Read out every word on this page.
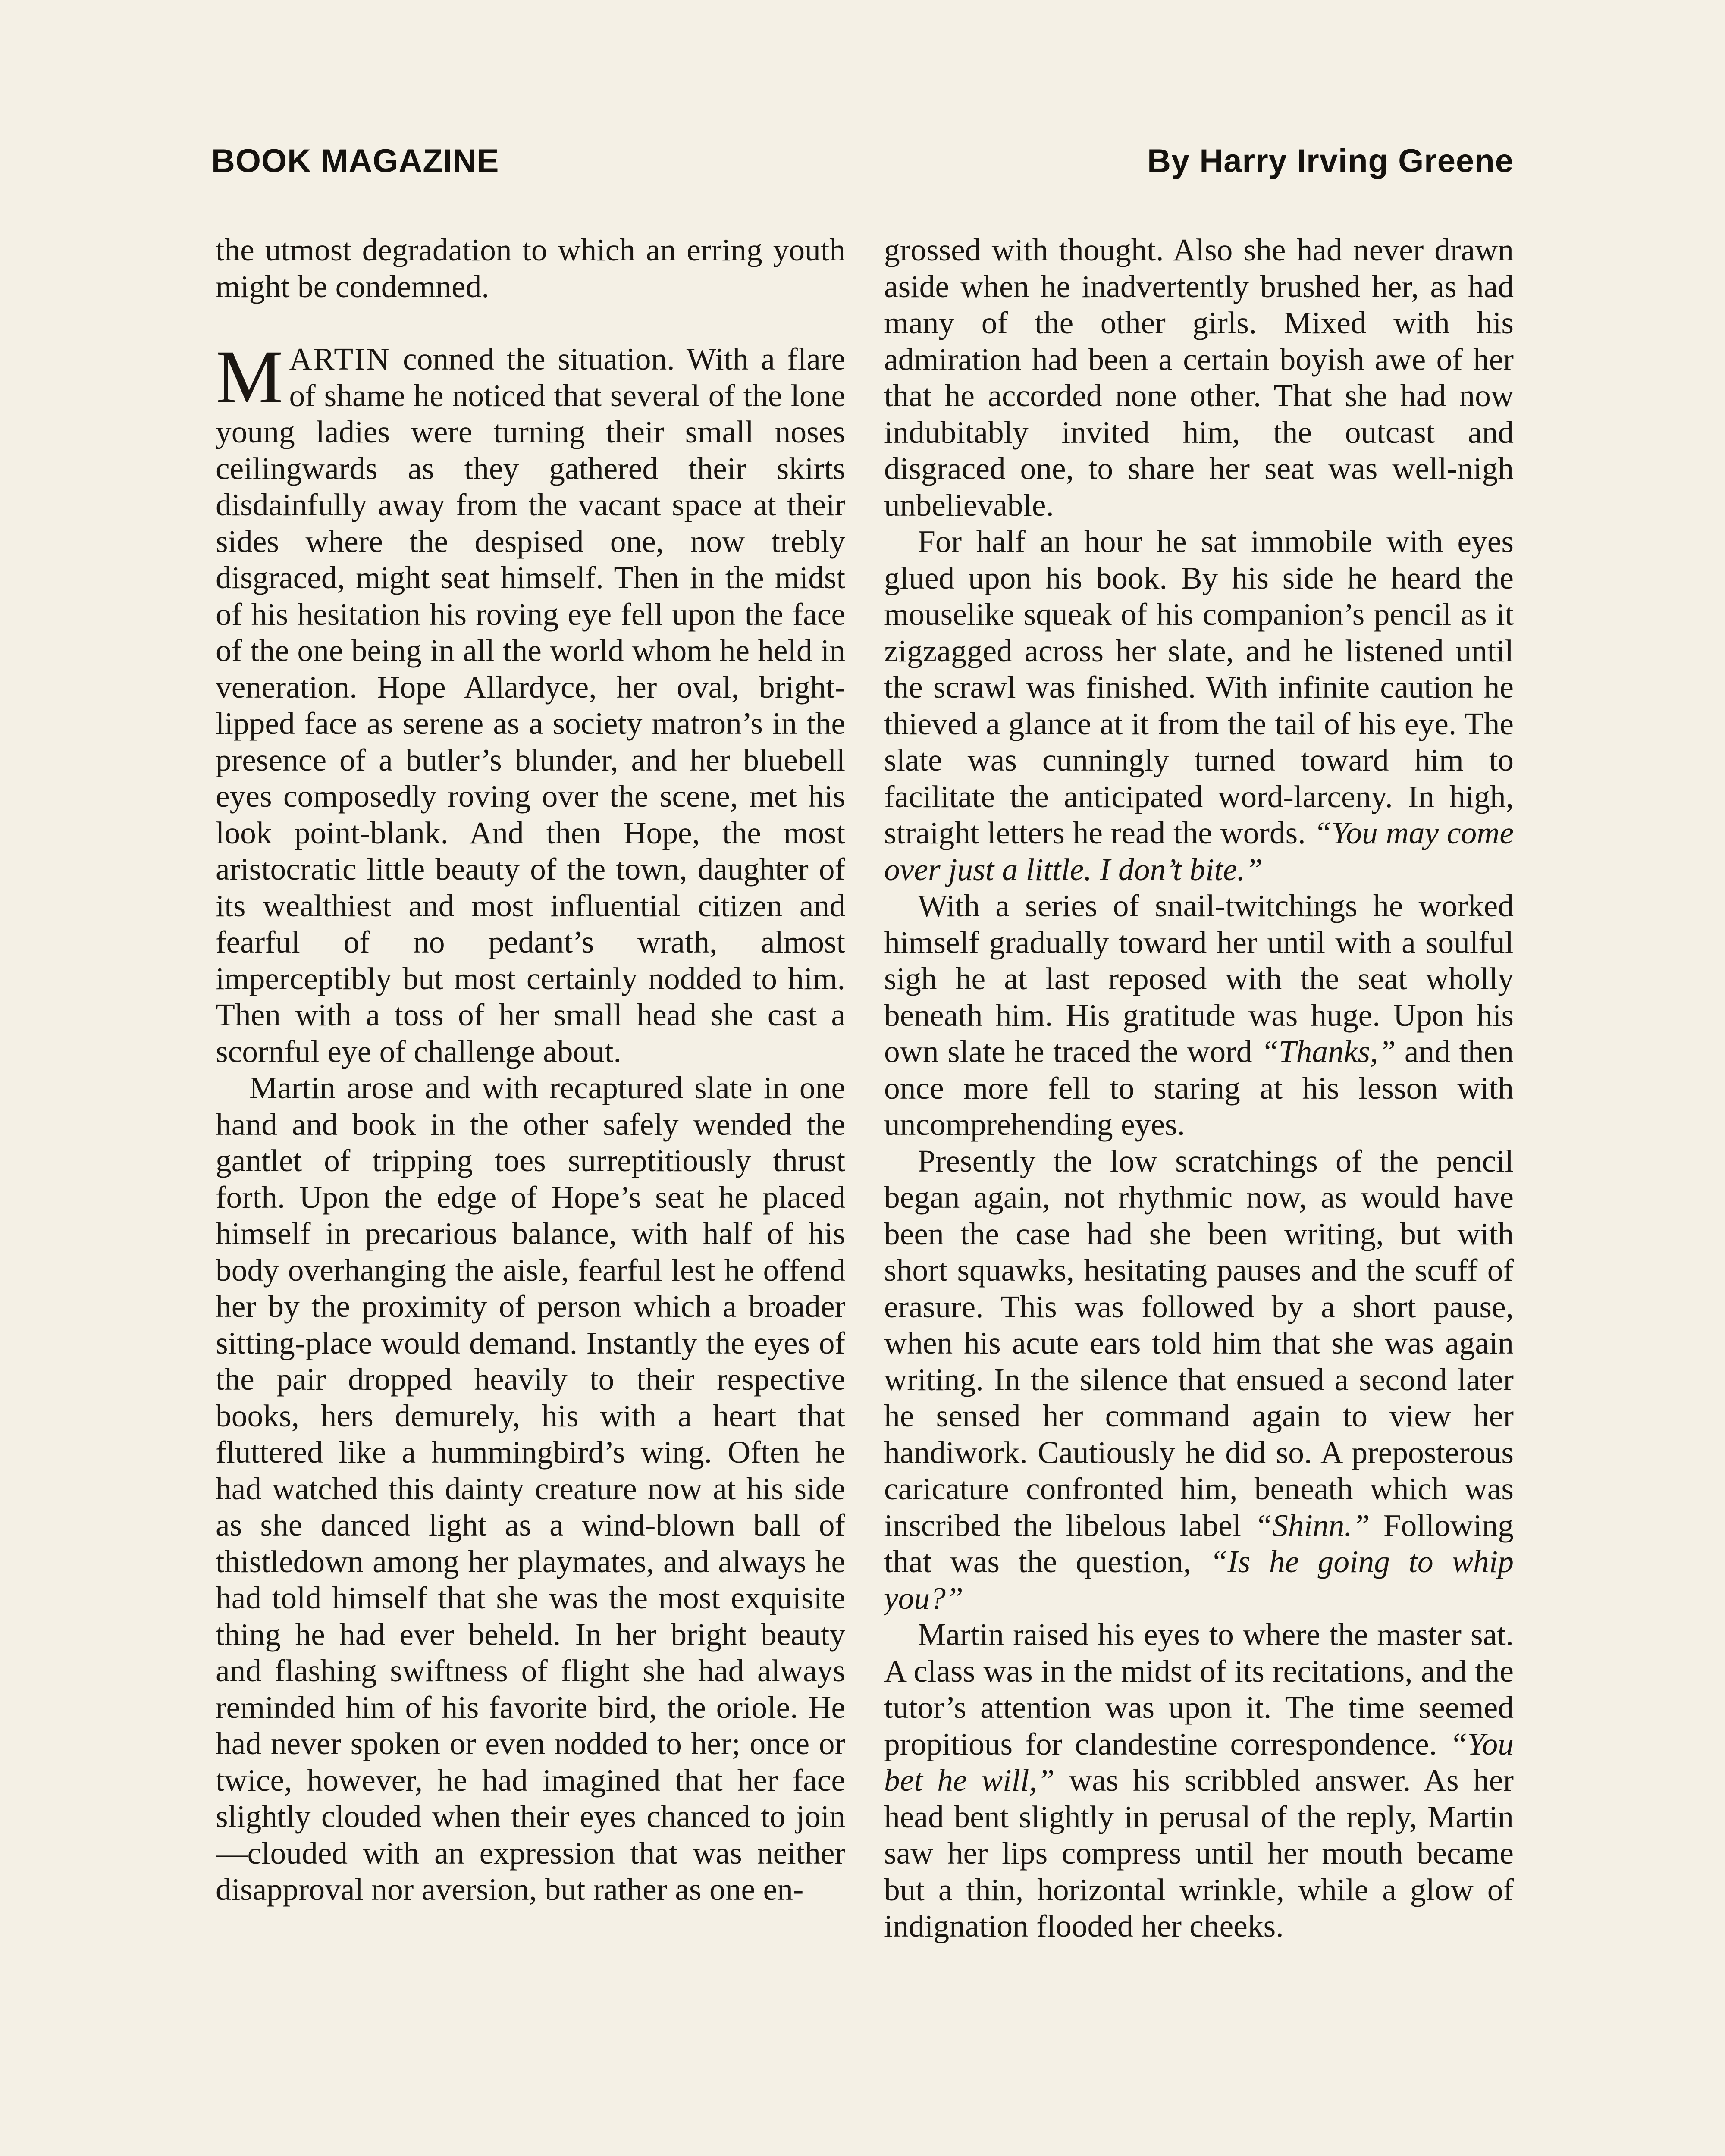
BOOK MAGAZINE	By Harry Irving Greene

the utmost degradation to which an erring youth might be condemned.

MARTIN conned the situation. With a flare of shame he noticed that several of the lone young ladies were turning their small noses ceilingwards as they gathered their skirts disdainfully away from the vacant space at their sides where the despised one, now trebly disgraced, might seat himself. Then in the midst of his hesitation his roving eye fell upon the face of the one being in all the world whom he held in veneration. Hope Allardyce, her oval, bright-lipped face as serene as a society matron’s in the presence of a butler’s blunder, and her bluebell eyes composedly roving over the scene, met his look point-blank. And then Hope, the most aristocratic little beauty of the town, daughter of its wealthiest and most influential citizen and fearful of no pedant’s wrath, almost imperceptibly but most certainly nodded to him. Then with a toss of her small head she cast a scornful eye of challenge about.

Martin arose and with recaptured slate in one hand and book in the other safely wended the gantlet of tripping toes surreptitiously thrust forth. Upon the edge of Hope’s seat he placed himself in precarious balance, with half of his body overhanging the aisle, fearful lest he offend her by the proximity of person which a broader sitting-place would demand. Instantly the eyes of the pair dropped heavily to their respective books, hers demurely, his with a heart that fluttered like a hummingbird’s wing. Often he had watched this dainty creature now at his side as she danced light as a wind-blown ball of thistledown among her playmates, and always he had told himself that she was the most exquisite thing he had ever beheld. In her bright beauty and flashing swiftness of flight she had always reminded him of his favorite bird, the oriole. He had never spoken or even nodded to her; once or twice, however, he had imagined that her face slightly clouded when their eyes chanced to join—clouded with an expression that was neither disapproval nor aversion, but rather as one en-

grossed with thought. Also she had never drawn aside when he inadvertently brushed her, as had many of the other girls. Mixed with his admiration had been a certain boyish awe of her that he accorded none other. That she had now indubitably invited him, the outcast and disgraced one, to share her seat was well-nigh unbelievable.

For half an hour he sat immobile with eyes glued upon his book. By his side he heard the mouselike squeak of his companion’s pencil as it zigzagged across her slate, and he listened until the scrawl was finished. With infinite caution he thieved a glance at it from the tail of his eye. The slate was cunningly turned toward him to facilitate the anticipated word-larceny. In high, straight letters he read the words. “You may come over just a little. I don’t bite.”

With a series of snail-twitchings he worked himself gradually toward her until with a soulful sigh he at last reposed with the seat wholly beneath him. His gratitude was huge. Upon his own slate he traced the word “Thanks,” and then once more fell to staring at his lesson with uncomprehending eyes.

Presently the low scratchings of the pencil began again, not rhythmic now, as would have been the case had she been writing, but with short squawks, hesitating pauses and the scuff of erasure. This was followed by a short pause, when his acute ears told him that she was again writing. In the silence that ensued a second later he sensed her command again to view her handiwork. Cautiously he did so. A preposterous caricature confronted him, beneath which was inscribed the libelous label “Shinn.” Following that was the question, “Is he going to whip you?”

Martin raised his eyes to where the master sat. A class was in the midst of its recitations, and the tutor’s attention was upon it. The time seemed propitious for clandestine correspondence. “You bet he will,” was his scribbled answer. As her head bent slightly in perusal of the reply, Martin saw her lips compress until her mouth became but a thin, horizontal wrinkle, while a glow of indignation flooded her cheeks.
